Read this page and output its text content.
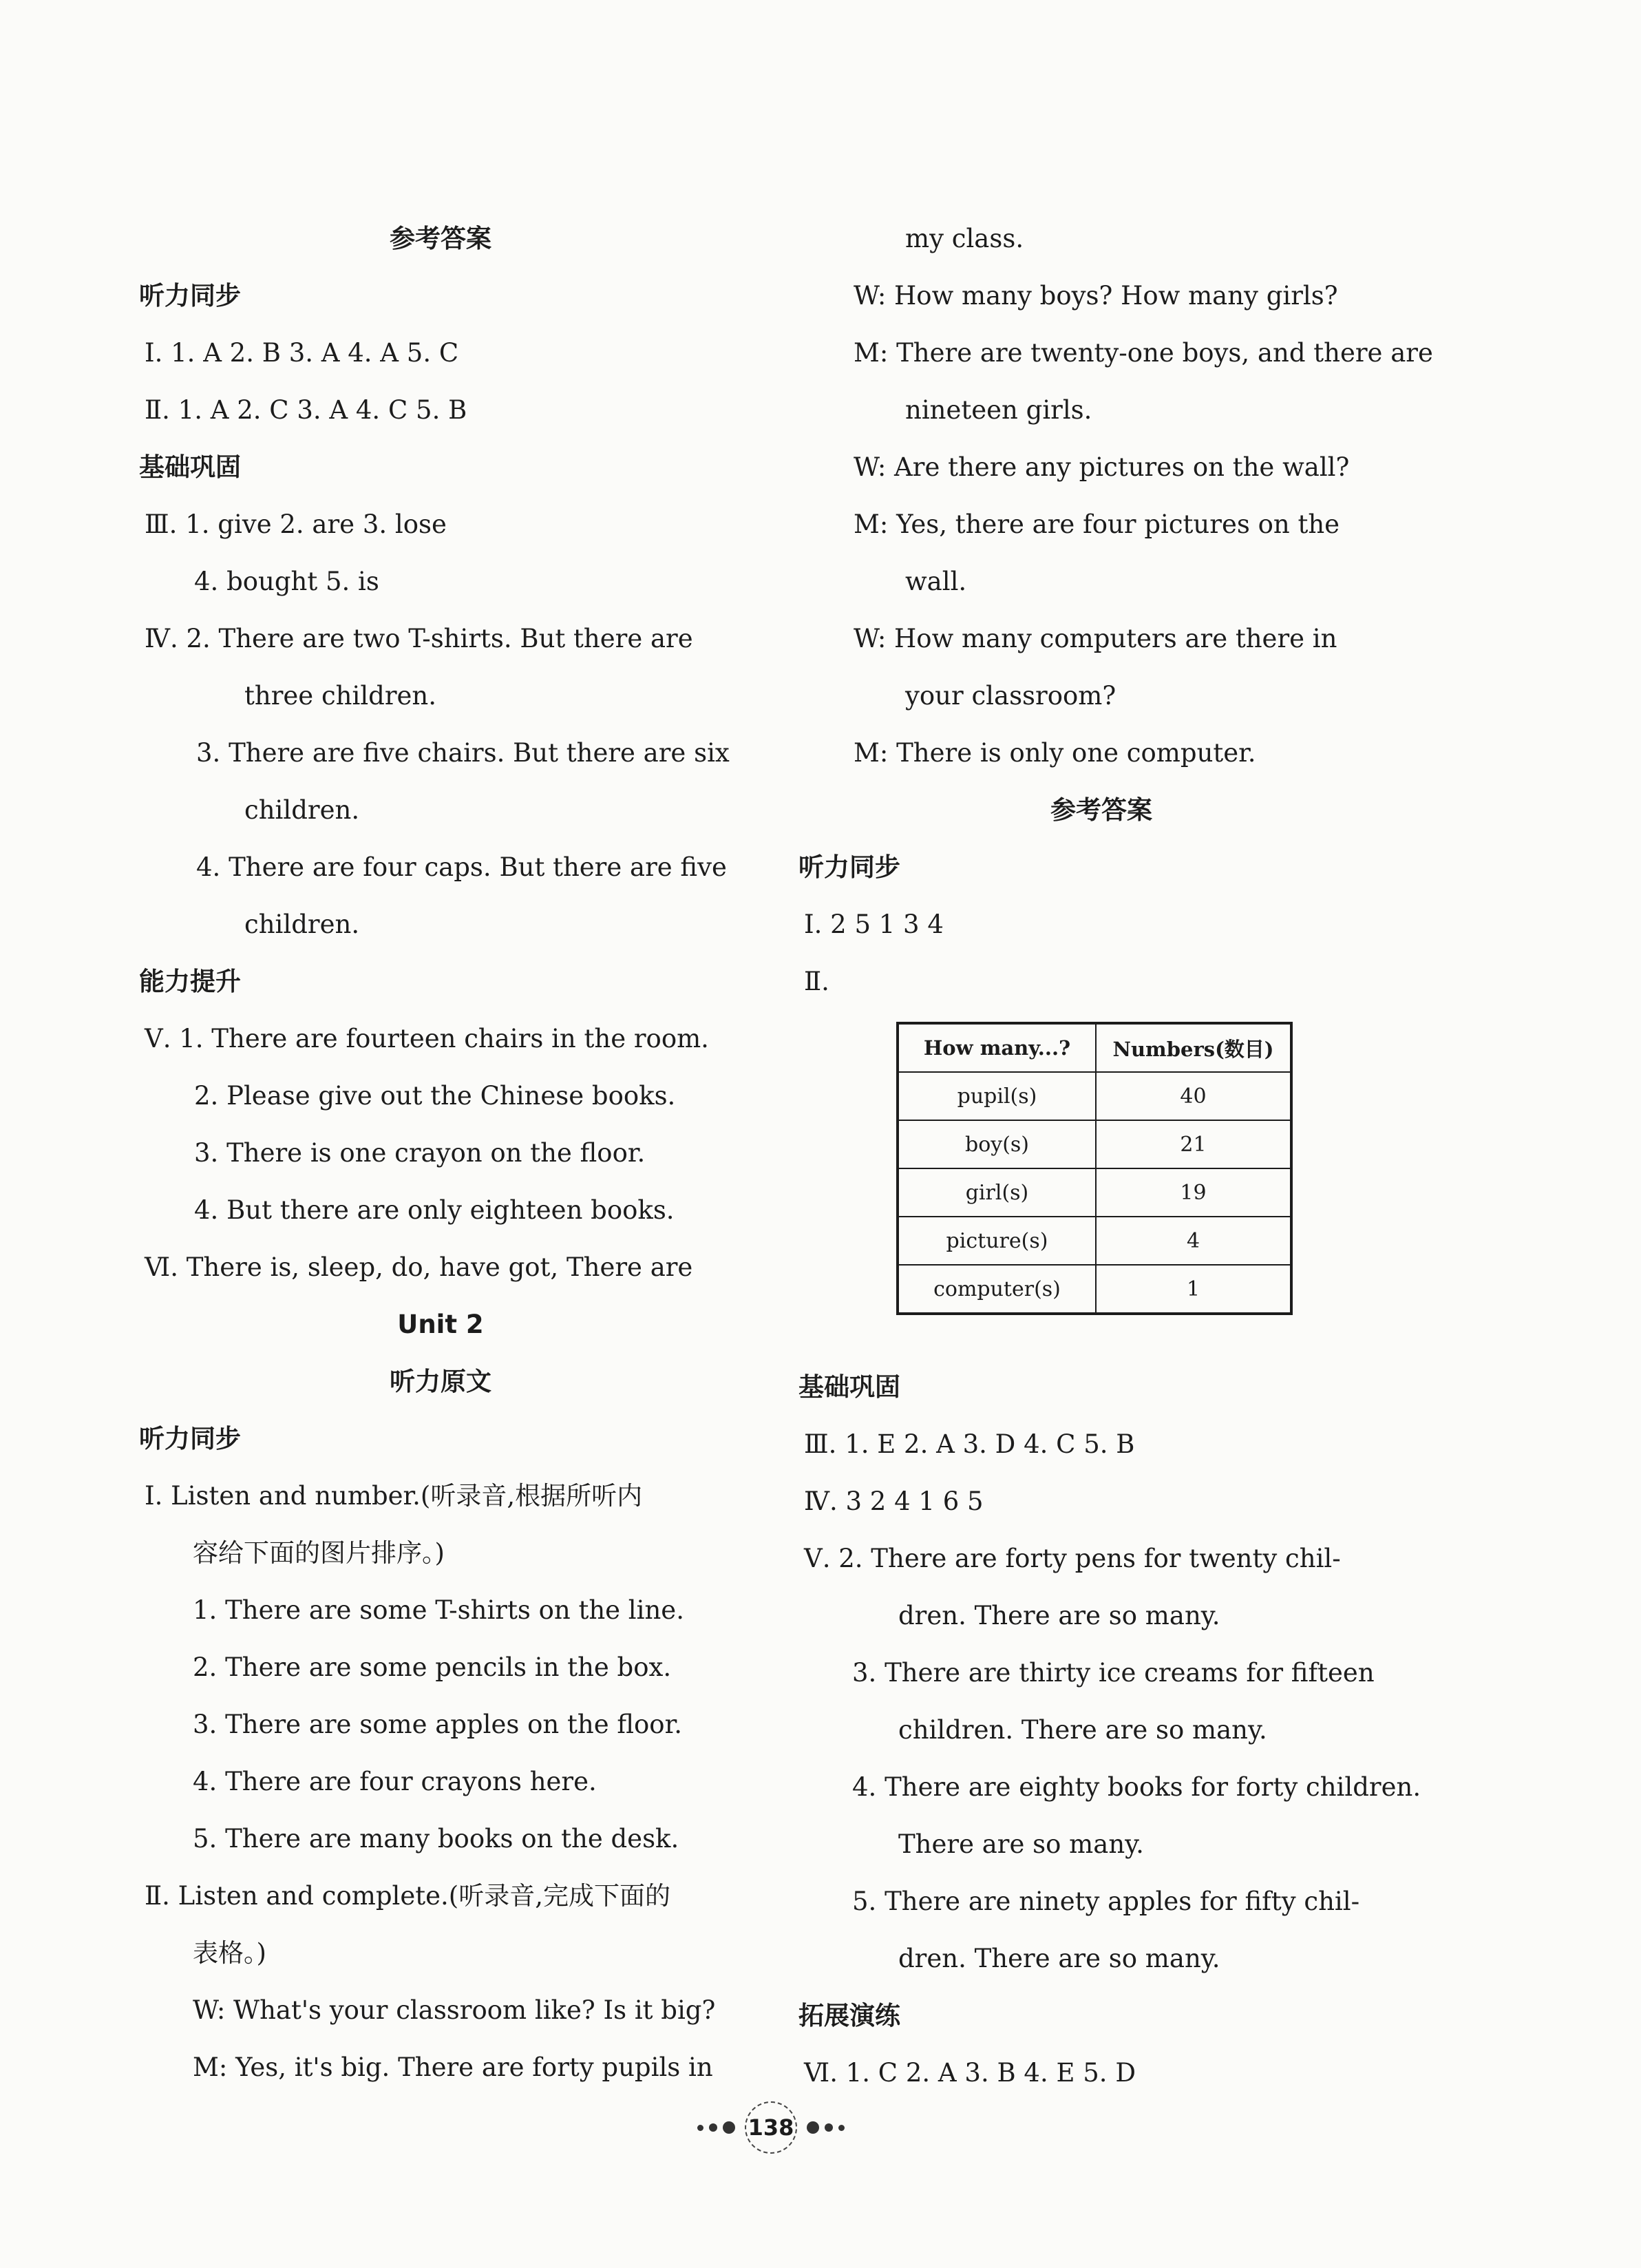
参考答案
听力同步
Ⅰ. 1. A 2. B 3. A 4. A 5. C
Ⅱ. 1. A 2. C 3. A 4. C 5. B
基础巩固
Ⅲ. 1. give 2. are 3. lose
4. bought 5. is
Ⅳ. 2. There are two T-shirts. But there are
three children.
3. There are five chairs. But there are six
children.
4. There are four caps. But there are five
children.
能力提升
Ⅴ. 1. There are fourteen chairs in the room.
2. Please give out the Chinese books.
3. There is one crayon on the floor.
4. But there are only eighteen books.
Ⅵ. There is, sleep, do, have got, There are
Unit 2
听力原文
听力同步
Ⅰ. Listen and number.(听录音,根据所听内
容给下面的图片排序。)
1. There are some T-shirts on the line.
2. There are some pencils in the box.
3. There are some apples on the floor.
4. There are four crayons here.
5. There are many books on the desk.
Ⅱ. Listen and complete.(听录音,完成下面的
表格。)
W: What's your classroom like? Is it big?
M: Yes, it's big. There are forty pupils in
my class.
W: How many boys? How many girls?
M: There are twenty-one boys, and there are
nineteen girls.
W: Are there any pictures on the wall?
M: Yes, there are four pictures on the
wall.
W: How many computers are there in
your classroom?
M: There is only one computer.
参考答案
听力同步
Ⅰ. 2 5 1 3 4
Ⅱ.
How many...?	Numbers(数目)
pupil(s)	40
boy(s)	21
girl(s)	19
picture(s)	4
computer(s)	1
基础巩固
Ⅲ. 1. E 2. A 3. D 4. C 5. B
Ⅳ. 3 2 4 1 6 5
Ⅴ. 2. There are forty pens for twenty chil-
dren. There are so many.
3. There are thirty ice creams for fifteen
children. There are so many.
4. There are eighty books for forty children.
There are so many.
5. There are ninety apples for fifty chil-
dren. There are so many.
拓展演练
Ⅵ. 1. C 2. A 3. B 4. E 5. D
138
